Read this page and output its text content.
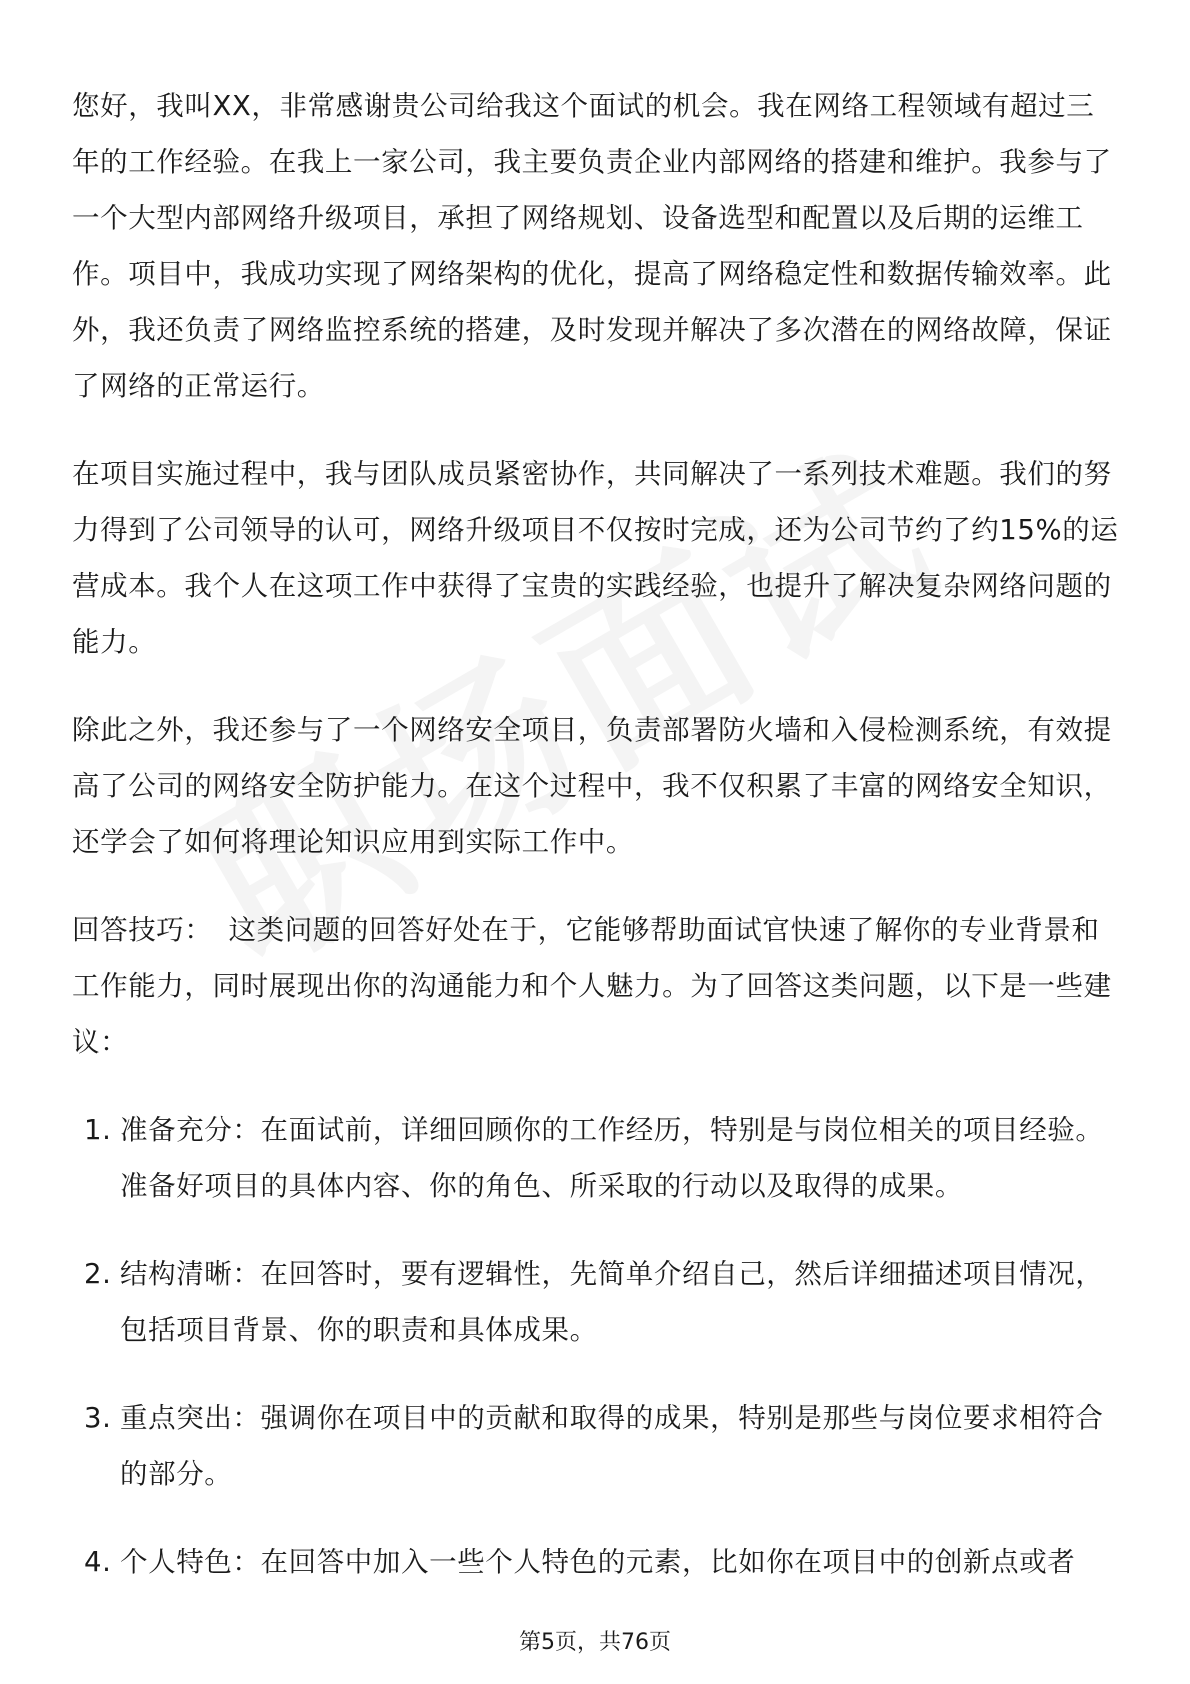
您好，我叫XX，非常感谢贵公司给我这个面试的机会。我在网络工程领域有超过三年的工作经验。在我上一家公司，我主要负责企业内部网络的搭建和维护。我参与了一个大型内部网络升级项目，承担了网络规划、设备选型和配置以及后期的运维工作。项目中，我成功实现了网络架构的优化，提高了网络稳定性和数据传输效率。此外，我还负责了网络监控系统的搭建，及时发现并解决了多次潜在的网络故障，保证了网络的正常运行。

在项目实施过程中，我与团队成员紧密协作，共同解决了一系列技术难题。我们的努力得到了公司领导的认可，网络升级项目不仅按时完成，还为公司节约了约15%的运营成本。我个人在这项工作中获得了宝贵的实践经验，也提升了解决复杂网络问题的能力。

除此之外，我还参与了一个网络安全项目，负责部署防火墙和入侵检测系统，有效提高了公司的网络安全防护能力。在这个过程中，我不仅积累了丰富的网络安全知识，还学会了如何将理论知识应用到实际工作中。

回答技巧： 这类问题的回答好处在于，它能够帮助面试官快速了解你的专业背景和工作能力，同时展现出你的沟通能力和个人魅力。为了回答这类问题，以下是一些建议：

1. 准备充分：在面试前，详细回顾你的工作经历，特别是与岗位相关的项目经验。准备好项目的具体内容、你的角色、所采取的行动以及取得的成果。
2. 结构清晰：在回答时，要有逻辑性，先简单介绍自己，然后详细描述项目情况，包括项目背景、你的职责和具体成果。
3. 重点突出：强调你在项目中的贡献和取得的成果，特别是那些与岗位要求相符合的部分。
4. 个人特色：在回答中加入一些个人特色的元素，比如你在项目中的创新点或者
第5页，共76页
